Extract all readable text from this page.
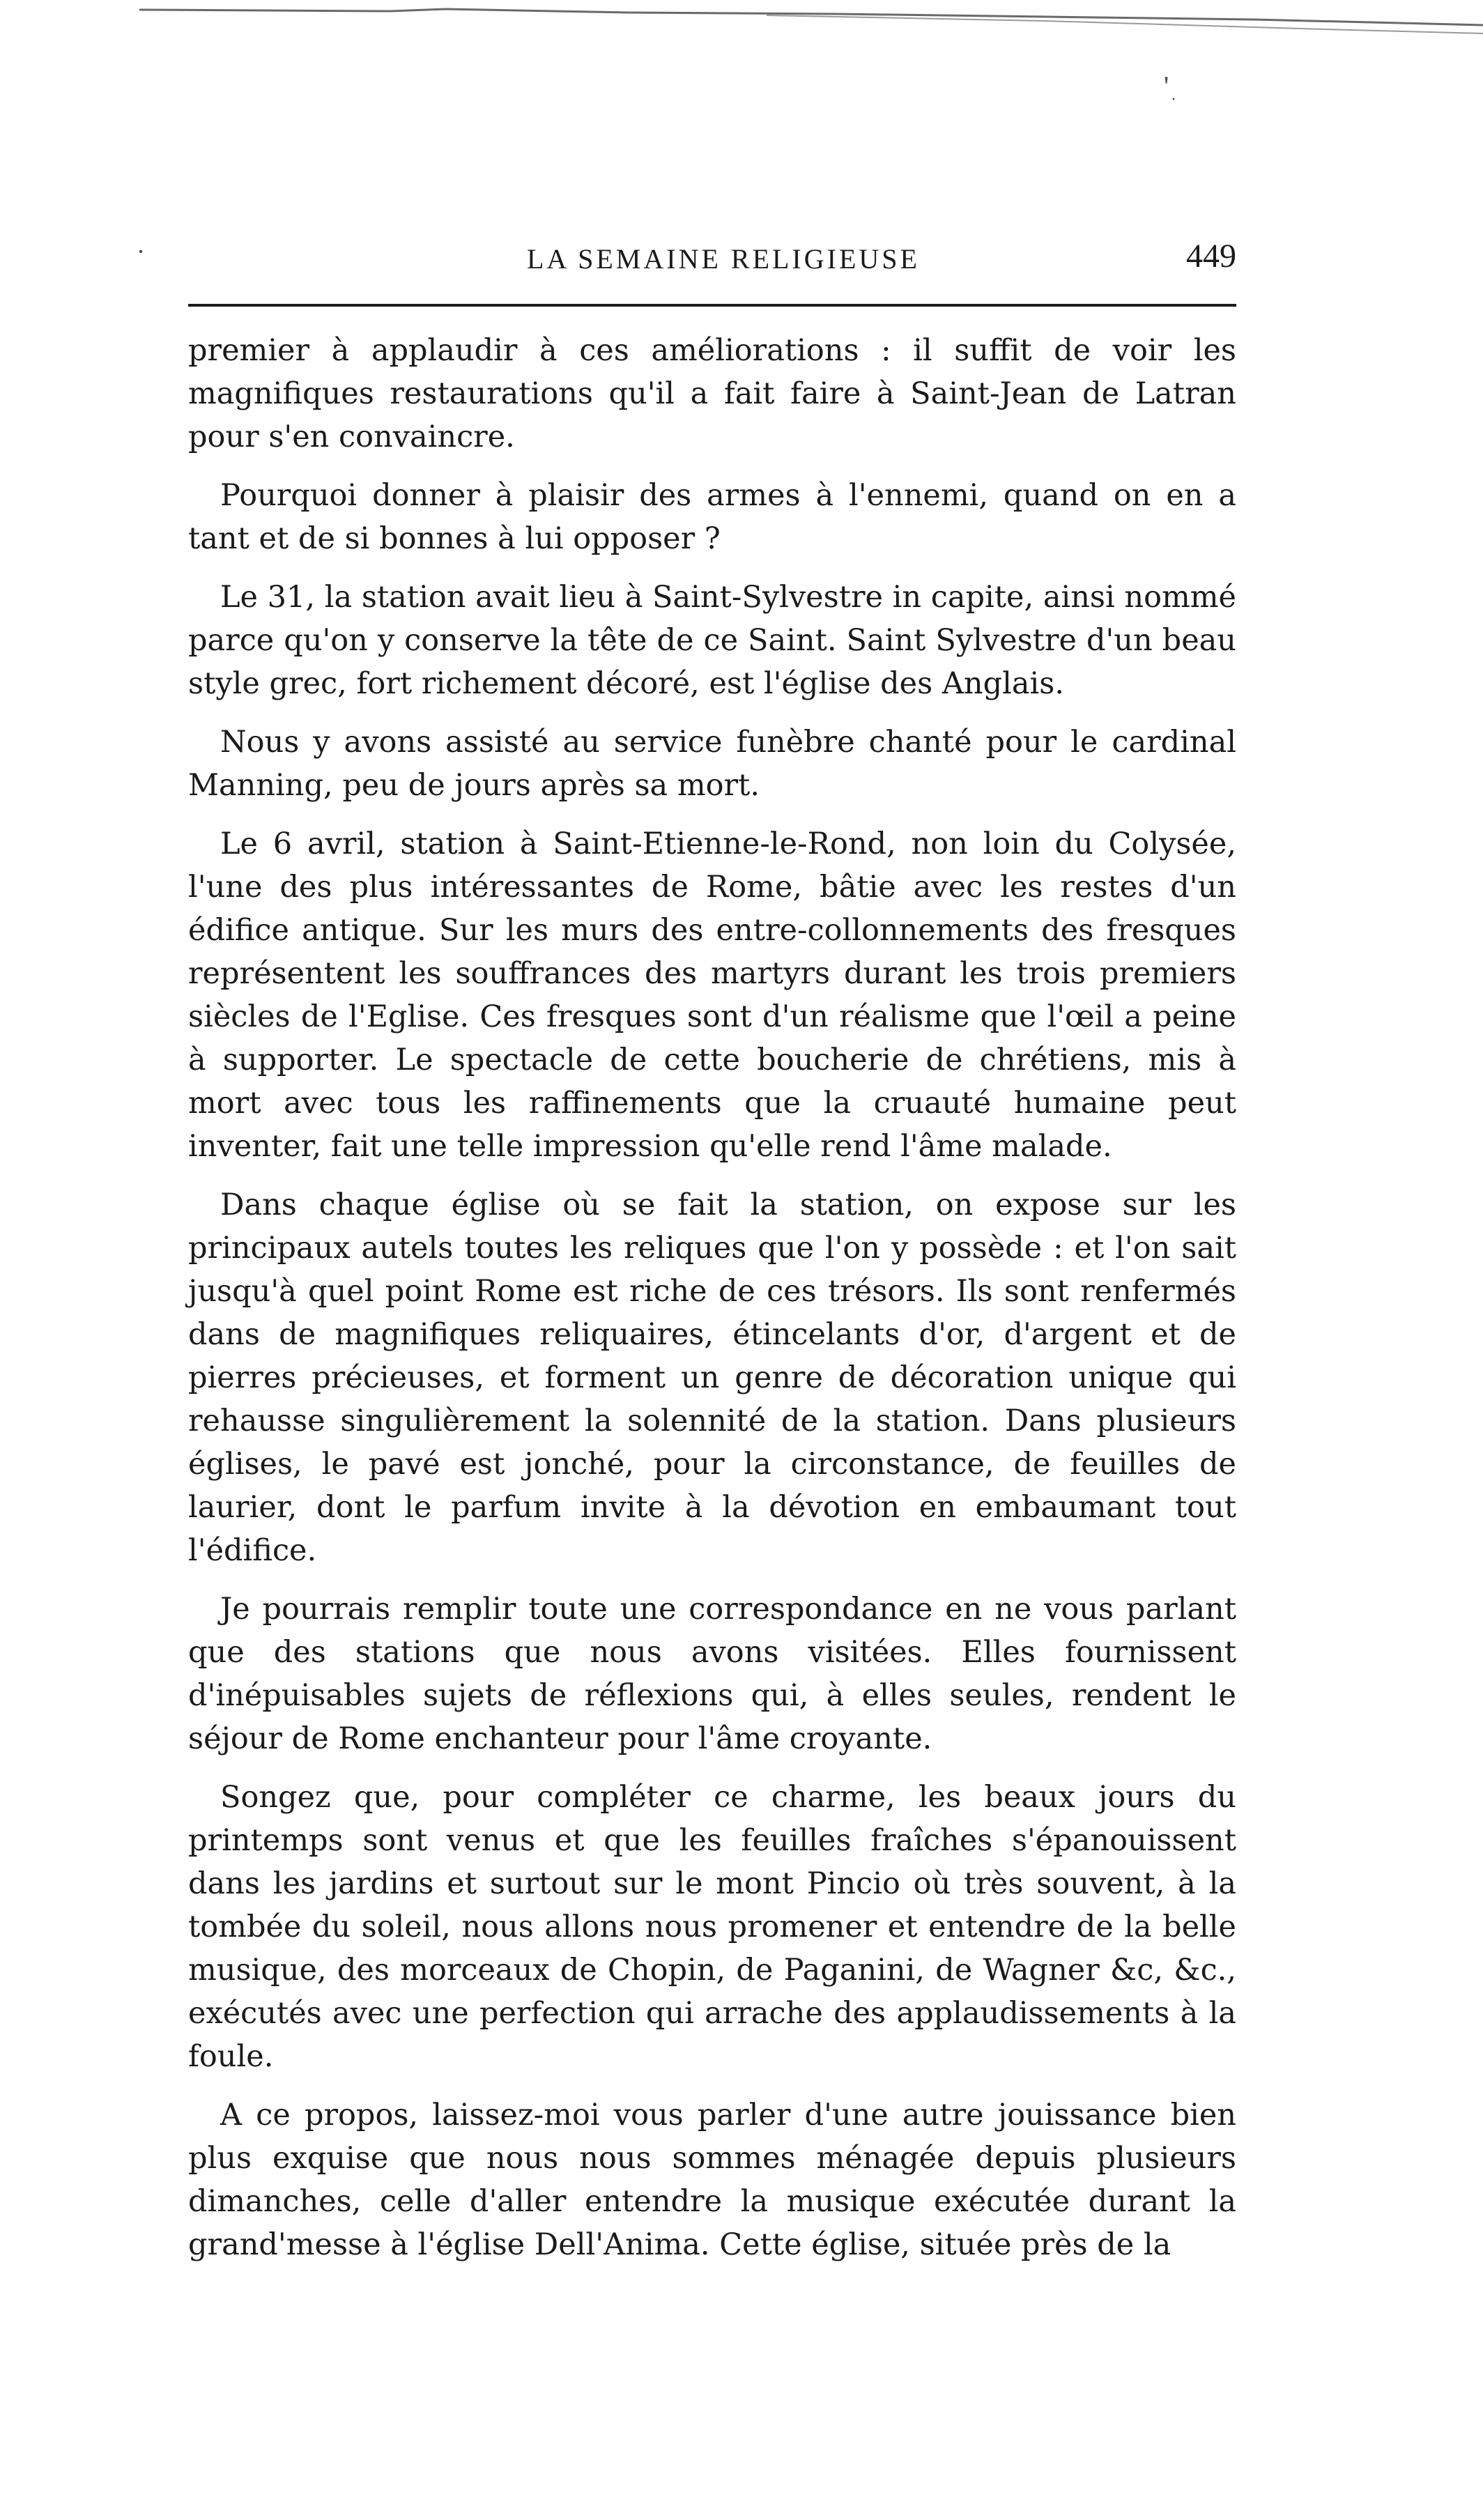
' ·
·	LA SEMAINE RELIGIEUSE	449

premier à applaudir à ces améliorations : il suffit de voir les magnifiques restaurations qu'il a fait faire à Saint-Jean de Latran pour s'en convaincre.

Pourquoi donner à plaisir des armes à l'ennemi, quand on en a tant et de si bonnes à lui opposer ?

Le 31, la station avait lieu à Saint-Sylvestre in capite, ainsi nommé parce qu'on y conserve la tête de ce Saint. Saint Sylvestre d'un beau style grec, fort richement décoré, est l'église des Anglais.

Nous y avons assisté au service funèbre chanté pour le cardinal Manning, peu de jours après sa mort.

Le 6 avril, station à Saint-Etienne-le-Rond, non loin du Colysée, l'une des plus intéressantes de Rome, bâtie avec les restes d'un édifice antique. Sur les murs des entre-collonnements des fresques représentent les souffrances des martyrs durant les trois premiers siècles de l'Eglise. Ces fresques sont d'un réalisme que l'œil a peine à supporter. Le spectacle de cette boucherie de chrétiens, mis à mort avec tous les raffinements que la cruauté humaine peut inventer, fait une telle impression qu'elle rend l'âme malade.

Dans chaque église où se fait la station, on expose sur les principaux autels toutes les reliques que l'on y possède : et l'on sait jusqu'à quel point Rome est riche de ces trésors. Ils sont renfermés dans de magnifiques reliquaires, étincelants d'or, d'argent et de pierres précieuses, et forment un genre de décoration unique qui rehausse singulièrement la solennité de la station. Dans plusieurs églises, le pavé est jonché, pour la circonstance, de feuilles de laurier, dont le parfum invite à la dévotion en embaumant tout l'édifice.

Je pourrais remplir toute une correspondance en ne vous parlant que des stations que nous avons visitées. Elles fournissent d'inépuisables sujets de réflexions qui, à elles seules, rendent le séjour de Rome enchanteur pour l'âme croyante.

Songez que, pour compléter ce charme, les beaux jours du printemps sont venus et que les feuilles fraîches s'épanouissent dans les jardins et surtout sur le mont Pincio où très souvent, à la tombée du soleil, nous allons nous promener et entendre de la belle musique, des morceaux de Chopin, de Paganini, de Wagner &c, &c., exécutés avec une perfection qui arrache des applaudissements à la foule.

A ce propos, laissez-moi vous parler d'une autre jouissance bien plus exquise que nous nous sommes ménagée depuis plusieurs dimanches, celle d'aller entendre la musique exécutée durant la grand'messe à l'église Dell'Anima. Cette église, située près de la
